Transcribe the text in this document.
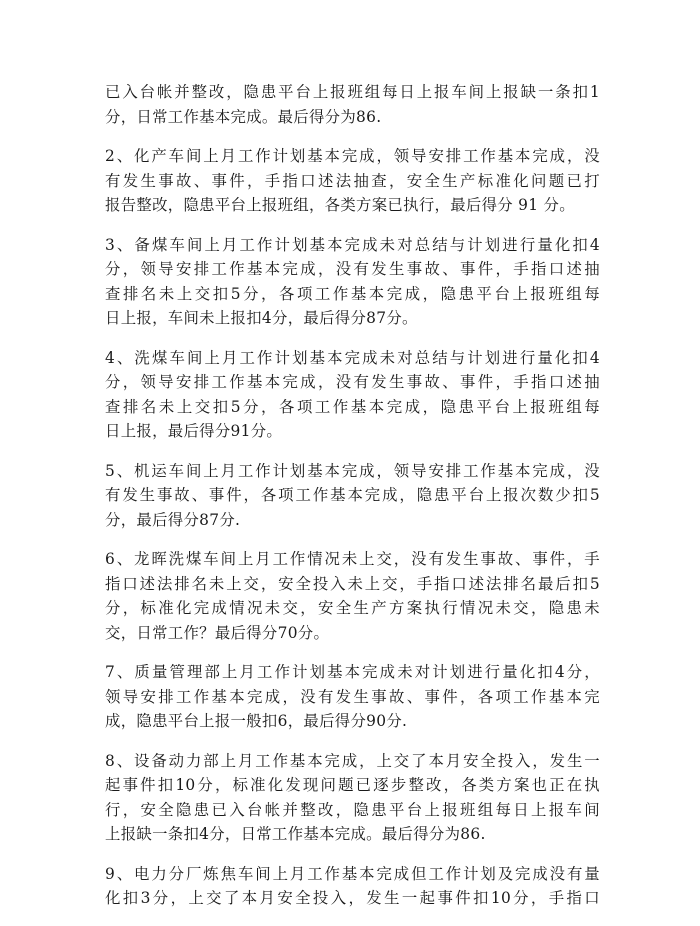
已入台帐并整改，隐患平台上报班组每日上报车间上报缺一条扣1
分，日常工作基本完成。最后得分为86.

2、化产车间上月工作计划基本完成，领导安排工作基本完成，没
有发生事故、事件，手指口述法抽查，安全生产标准化问题已打
报告整改，隐患平台上报班组，各类方案已执行，最后得分 91 分。

3、备煤车间上月工作计划基本完成未对总结与计划进行量化扣4
分，领导安排工作基本完成，没有发生事故、事件，手指口述抽
查排名未上交扣5分，各项工作基本完成，隐患平台上报班组每
日上报，车间未上报扣4分，最后得分87分。

4、洗煤车间上月工作计划基本完成未对总结与计划进行量化扣4
分，领导安排工作基本完成，没有发生事故、事件，手指口述抽
查排名未上交扣5分，各项工作基本完成，隐患平台上报班组每
日上报，最后得分91分。

5、机运车间上月工作计划基本完成，领导安排工作基本完成，没
有发生事故、事件，各项工作基本完成，隐患平台上报次数少扣5
分，最后得分87分.

6、龙晖洗煤车间上月工作情况未上交，没有发生事故、事件，手
指口述法排名未上交，安全投入未上交，手指口述法排名最后扣5
分，标准化完成情况未交，安全生产方案执行情况未交，隐患未
交，日常工作？最后得分70分。

7、质量管理部上月工作计划基本完成未对计划进行量化扣4分，
领导安排工作基本完成，没有发生事故、事件，各项工作基本完
成，隐患平台上报一般扣6，最后得分90分.

8、设备动力部上月工作基本完成，上交了本月安全投入，发生一
起事件扣10分，标准化发现问题已逐步整改，各类方案也正在执
行，安全隐患已入台帐并整改，隐患平台上报班组每日上报车间
上报缺一条扣4分，日常工作基本完成。最后得分为86.

9、电力分厂炼焦车间上月工作基本完成但工作计划及完成没有量
化扣3分，上交了本月安全投入，发生一起事件扣10分，手指口
